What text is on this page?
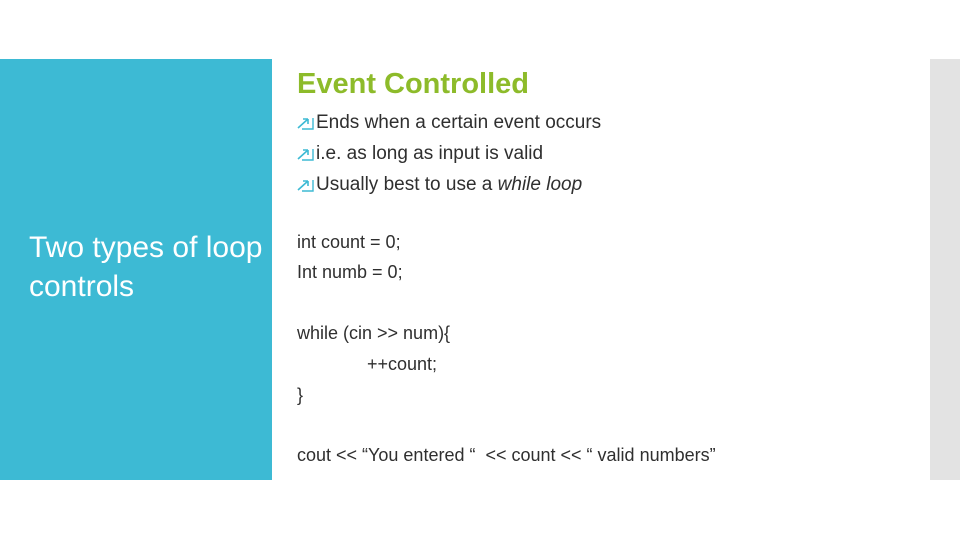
Two types of loop controls
Event Controlled
Ends when a certain event occurs
i.e. as long as input is valid
Usually best to use a while loop
int count = 0;
Int numb = 0;
while (cin >> num){
++count;
}
cout << “You entered “  << count << “ valid numbers”
